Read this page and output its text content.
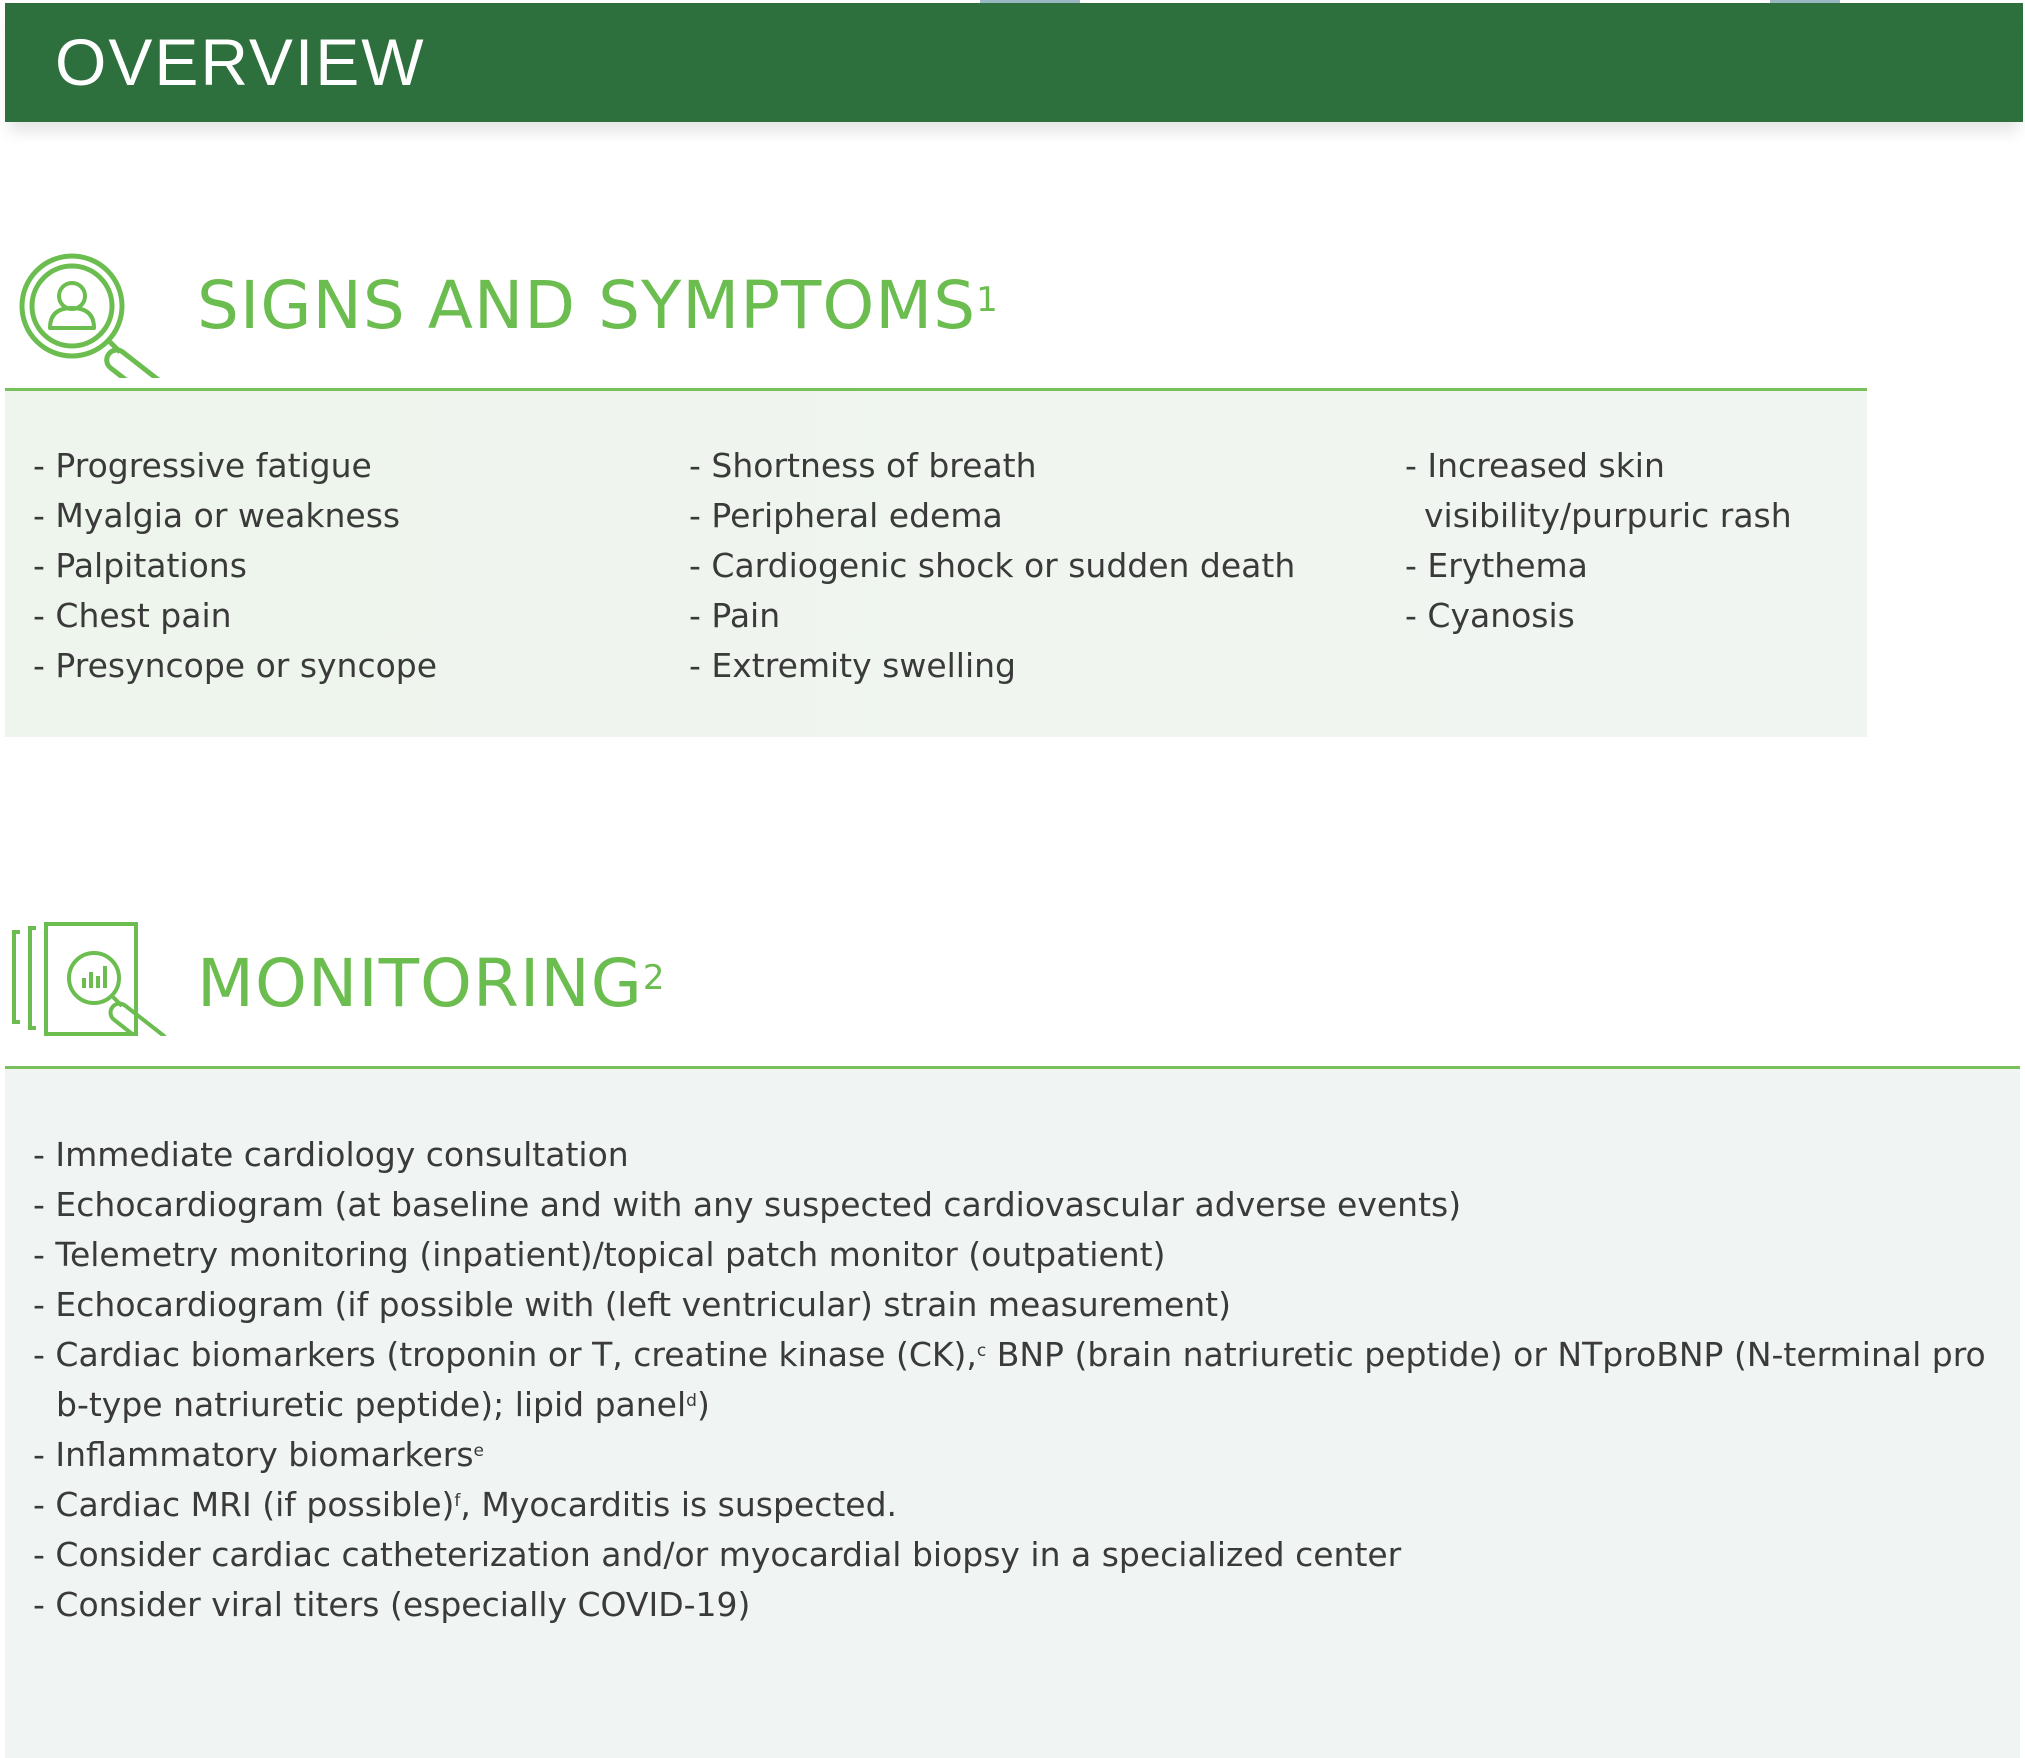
OVERVIEW
SIGNS AND SYMPTOMS$^1$
- Progressive fatigue
- Myalgia or weakness
- Palpitations
- Chest pain
- Presyncope or syncope
- Shortness of breath
- Peripheral edema
- Cardiogenic shock or sudden death
- Pain
- Extremity swelling
- Increased skin visibility/purpuric rash
- Erythema
- Cyanosis
MONITORING$^2$
- Immediate cardiology consultation
- Echocardiogram (at baseline and with any suspected cardiovascular adverse events)
- Telemetry monitoring (inpatient)/topical patch monitor (outpatient)
- Echocardiogram (if possible with (left ventricular) strain measurement)
- Cardiac biomarkers (troponin or T, creatine kinase (CK),$^c$ BNP (brain natriuretic peptide) or NTproBNP (N-terminal pro b-type natriuretic peptide); lipid panel$^d$)
- Inflammatory biomarkers$^e$
- Cardiac MRI (if possible)$^f$, Myocarditis is suspected.
- Consider cardiac catheterization and/or myocardial biopsy in a specialized center
- Consider viral titers (especially COVID-19)
